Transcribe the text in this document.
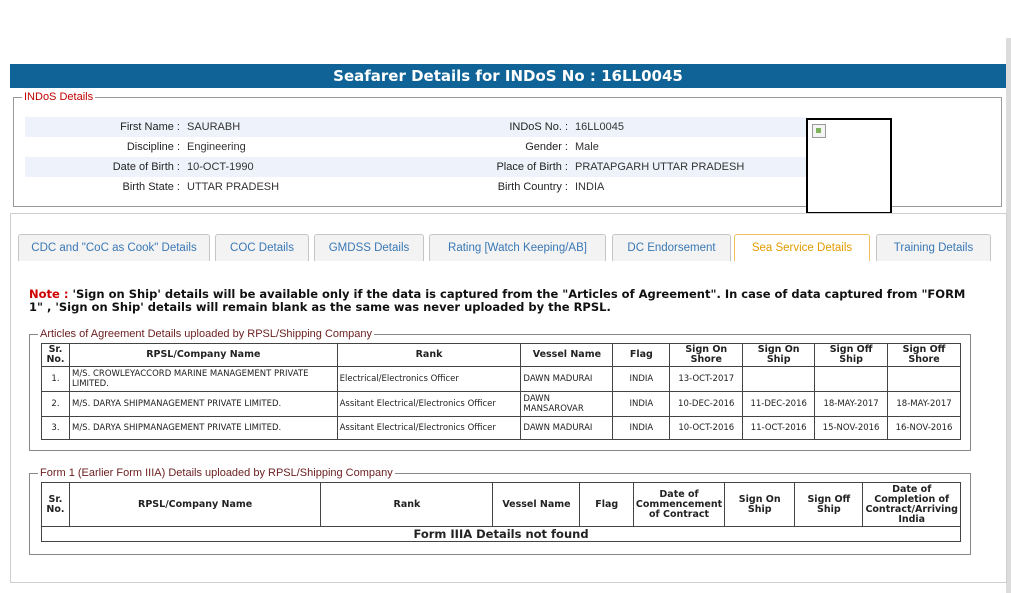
Seafarer Details for INDoS No : 16LL0045
INDoS Details
First Name : SAURABH	INDoS No. : 16LL0045
Discipline : Engineering	Gender : Male
Date of Birth : 10-OCT-1990	Place of Birth : PRATAPGARH UTTAR PRADESH
Birth State : UTTAR PRADESH	Birth Country : INDIA
CDC and "CoC as Cook" Details	COC Details	GMDSS Details	Rating [Watch Keeping/AB]	DC Endorsement	Sea Service Details	Training Details
Note : 'Sign on Ship' details will be available only if the data is captured from the "Articles of Agreement". In case of data captured from "FORM 1" , 'Sign on Ship' details will remain blank as the same was never uploaded by the RPSL.
Articles of Agreement Details uploaded by RPSL/Shipping Company
Sr. No.	RPSL/Company Name	Rank	Vessel Name	Flag	Sign On Shore	Sign On Ship	Sign Off Ship	Sign Off Shore
1.	M/S. CROWLEYACCORD MARINE MANAGEMENT PRIVATE LIMITED.	Electrical/Electronics Officer	DAWN MADURAI	INDIA	13-OCT-2017			
2.	M/S. DARYA SHIPMANAGEMENT PRIVATE LIMITED.	Assitant Electrical/Electronics Officer	DAWN MANSAROVAR	INDIA	10-DEC-2016	11-DEC-2016	18-MAY-2017	18-MAY-2017
3.	M/S. DARYA SHIPMANAGEMENT PRIVATE LIMITED.	Assitant Electrical/Electronics Officer	DAWN MADURAI	INDIA	10-OCT-2016	11-OCT-2016	15-NOV-2016	16-NOV-2016
Form 1 (Earlier Form IIIA) Details uploaded by RPSL/Shipping Company
Sr. No.	RPSL/Company Name	Rank	Vessel Name	Flag	Date of Commencement of Contract	Sign On Ship	Sign Off Ship	Date of Completion of Contract/Arriving India
Form IIIA Details not found
